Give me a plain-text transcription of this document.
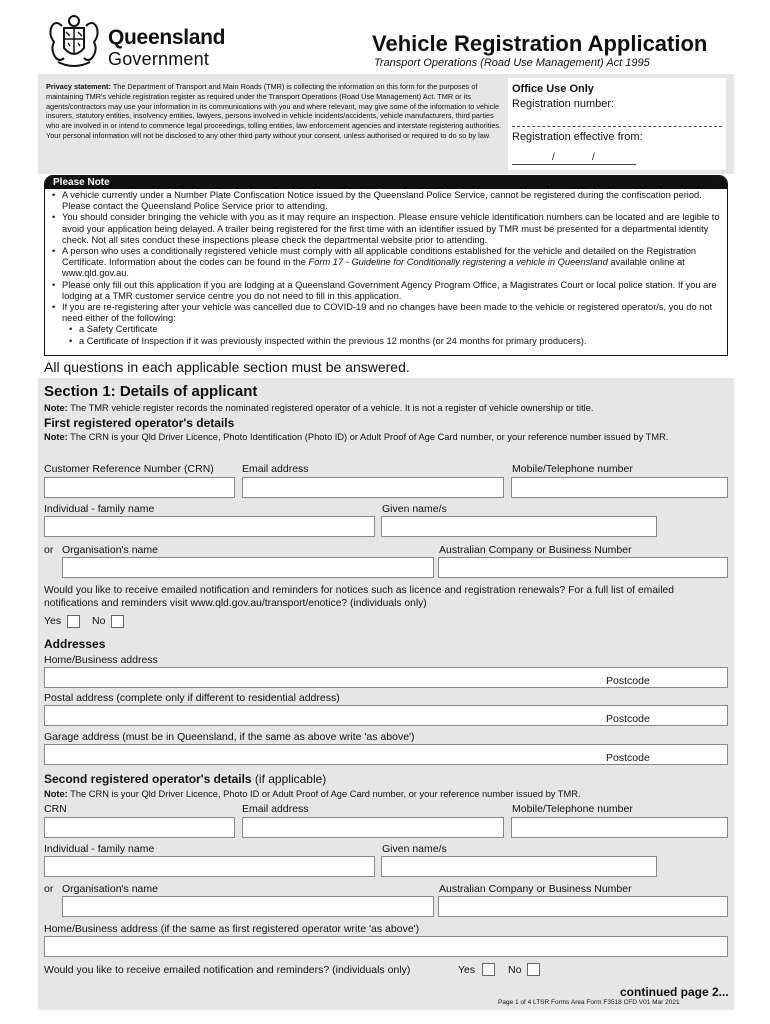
Queensland
Government
Vehicle Registration Application
Transport Operations (Road Use Management) Act 1995
Privacy statement: The Department of Transport and Main Roads (TMR) is collecting the information on this form for the purposes of maintaining TMR's vehicle registration register as required under the Transport Operations (Road Use Management) Act. TMR or its agents/contractors may use your information in its communications with you and where relevant, may give some of the information to vehicle insurers, statutory entities, insolvency entities, lawyers, persons involved in vehicle incidents/accidents, vehicle manufacturers, third parties who are involved in or intend to commence legal proceedings, tolling entities, law enforcement agencies and interstate registering authorities. Your personal information will not be disclosed to any other third party without your consent, unless authorised or required to do so by law.
Office Use Only
Registration number:
Registration effective from:
/	/
Please Note
• A vehicle currently under a Number Plate Confiscation Notice issued by the Queensland Police Service, cannot be registered during the confiscation period. Please contact the Queensland Police Service prior to attending.
• You should consider bringing the vehicle with you as it may require an inspection. Please ensure vehicle identification numbers can be located and are legible to avoid your application being delayed. A trailer being registered for the first time with an identifier issued by TMR must be presented for a departmental identity check. Not all sites conduct these inspections please check the departmental website prior to attending.
• A person who uses a conditionally registered vehicle must comply with all applicable conditions established for the vehicle and detailed on the Registration Certificate. Information about the codes can be found in the Form 17 - Guideline for Conditionally registering a vehicle in Queensland available online at www.qld.gov.au.
• Please only fill out this application if you are lodging at a Queensland Government Agency Program Office, a Magistrates Court or local police station. If you are lodging at a TMR customer service centre you do not need to fill in this application.
• If you are re-registering after your vehicle was cancelled due to COVID-19 and no changes have been made to the vehicle or registered operator/s, you do not need either of the following:
• a Safety Certificate
• a Certificate of Inspection if it was previously inspected within the previous 12 months (or 24 months for primary producers).
All questions in each applicable section must be answered.
Section 1: Details of applicant
Note: The TMR vehicle register records the nominated registered operator of a vehicle. It is not a register of vehicle ownership or title.
First registered operator's details
Note: The CRN is your Qld Driver Licence, Photo Identification (Photo ID) or Adult Proof of Age Card number, or your reference number issued by TMR.
Customer Reference Number (CRN)	Email address	Mobile/Telephone number
Individual - family name	Given name/s
or Organisation's name	Australian Company or Business Number
Would you like to receive emailed notification and reminders for notices such as licence and registration renewals? For a full list of emailed notifications and reminders visit www.qld.gov.au/transport/enotice? (individuals only)
Yes	No
Addresses
Home/Business address
Postcode
Postal address (complete only if different to residential address)
Postcode
Garage address (must be in Queensland, if the same as above write 'as above')
Postcode
Second registered operator's details (if applicable)
Note: The CRN is your Qld Driver Licence, Photo ID or Adult Proof of Age Card number, or your reference number issued by TMR.
CRN	Email address	Mobile/Telephone number
Individual - family name	Given name/s
or Organisation's name	Australian Company or Business Number
Home/Business address (if the same as first registered operator write 'as above')
Would you like to receive emailed notification and reminders? (individuals only)	Yes	No
continued page 2...
Page 1 of 4 LTSR Forms Area Form F3518 CFD V01 Mar 2021
